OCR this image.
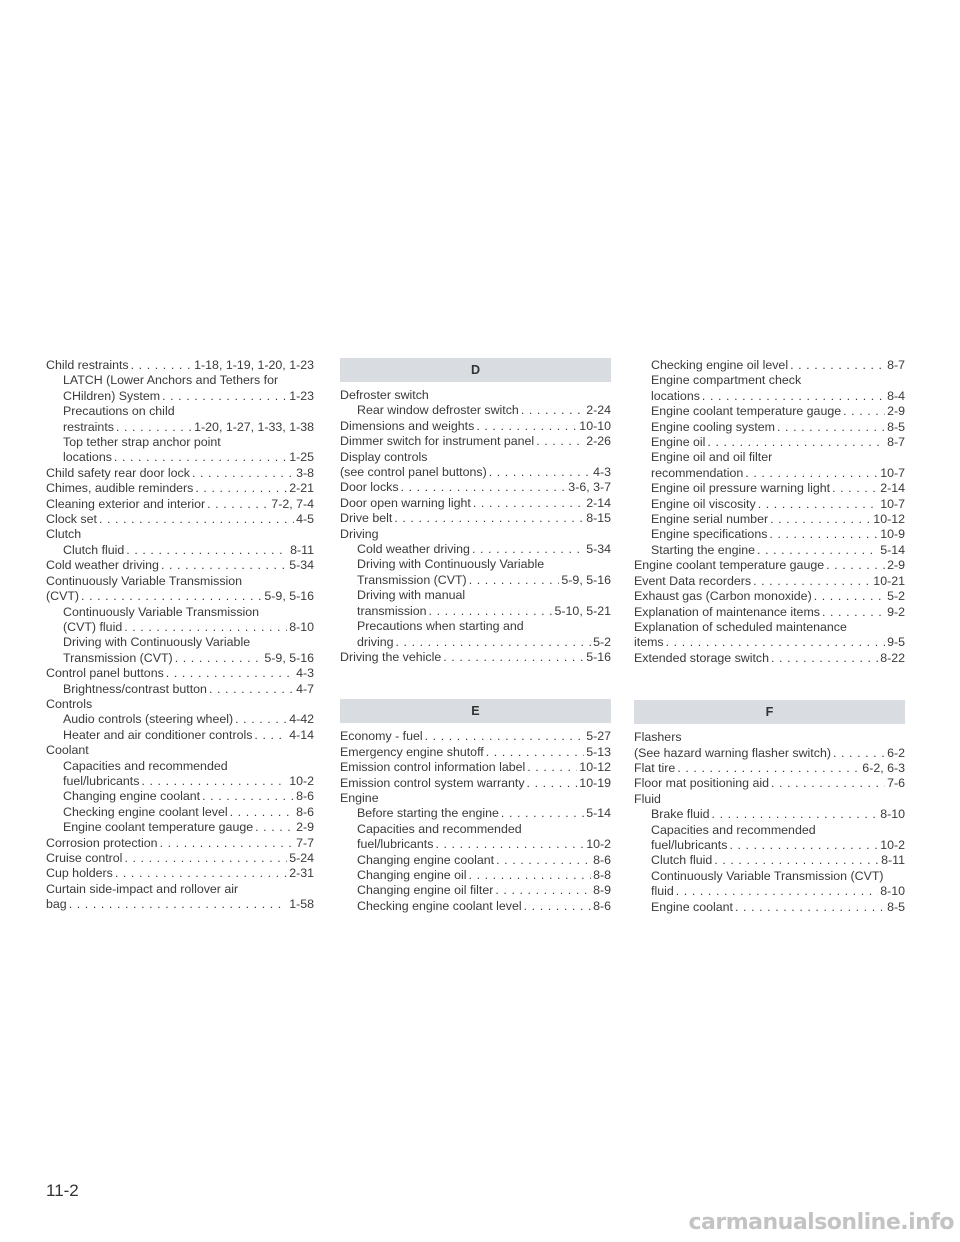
Child restraints .....	1-18, 1-19, 1-20, 1-23
LATCH (Lower Anchors and Tethers for
CHildren) System .....	1-23
Precautions on child
restraints .....	1-20, 1-27, 1-33, 1-38
Top tether strap anchor point
locations .....	1-25
Child safety rear door lock .....	3-8
Chimes, audible reminders .....	2-21
Cleaning exterior and interior .....	7-2, 7-4
Clock set .....	4-5
Clutch
Clutch fluid .....	8-11
Cold weather driving .....	5-34
Continuously Variable Transmission
(CVT) .....	5-9, 5-16
Continuously Variable Transmission
(CVT) fluid .....	8-10
Driving with Continuously Variable
Transmission (CVT) .....	5-9, 5-16
Control panel buttons .....	4-3
Brightness/contrast button .....	4-7
Controls
Audio controls (steering wheel) .....	4-42
Heater and air conditioner controls .....	4-14
Coolant
Capacities and recommended
fuel/lubricants .....	10-2
Changing engine coolant .....	8-6
Checking engine coolant level .....	8-6
Engine coolant temperature gauge .....	2-9
Corrosion protection .....	7-7
Cruise control .....	5-24
Cup holders .....	2-31
Curtain side-impact and rollover air
bag .....	1-58
D
Defroster switch
Rear window defroster switch .....	2-24
Dimensions and weights .....	10-10
Dimmer switch for instrument panel .....	2-26
Display controls
(see control panel buttons) .....	4-3
Door locks .....	3-6, 3-7
Door open warning light .....	2-14
Drive belt .....	8-15
Driving
Cold weather driving .....	5-34
Driving with Continuously Variable
Transmission (CVT) .....	5-9, 5-16
Driving with manual
transmission .....	5-10, 5-21
Precautions when starting and
driving .....	5-2
Driving the vehicle .....	5-16
E
Economy - fuel .....	5-27
Emergency engine shutoff .....	5-13
Emission control information label .....	10-12
Emission control system warranty .....	10-19
Engine
Before starting the engine .....	5-14
Capacities and recommended
fuel/lubricants .....	10-2
Changing engine coolant .....	8-6
Changing engine oil .....	8-8
Changing engine oil filter .....	8-9
Checking engine coolant level .....	8-6
Checking engine oil level .....	8-7
Engine compartment check
locations .....	8-4
Engine coolant temperature gauge .....	2-9
Engine cooling system .....	8-5
Engine oil .....	8-7
Engine oil and oil filter
recommendation .....	10-7
Engine oil pressure warning light .....	2-14
Engine oil viscosity .....	10-7
Engine serial number .....	10-12
Engine specifications .....	10-9
Starting the engine .....	5-14
Engine coolant temperature gauge .....	2-9
Event Data recorders .....	10-21
Exhaust gas (Carbon monoxide) .....	5-2
Explanation of maintenance items .....	9-2
Explanation of scheduled maintenance
items .....	9-5
Extended storage switch .....	8-22
F
Flashers
(See hazard warning flasher switch) .....	6-2
Flat tire .....	6-2, 6-3
Floor mat positioning aid .....	7-6
Fluid
Brake fluid .....	8-10
Capacities and recommended
fuel/lubricants .....	10-2
Clutch fluid .....	8-11
Continuously Variable Transmission (CVT)
fluid .....	8-10
Engine coolant .....	8-5
11-2
carmanualsonline.info
